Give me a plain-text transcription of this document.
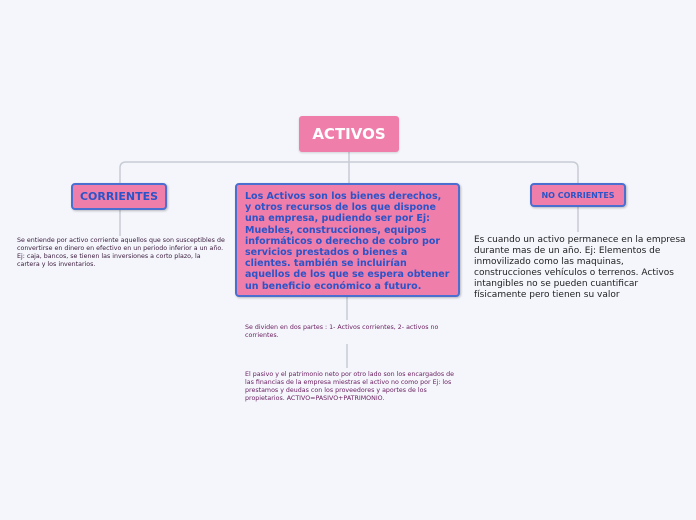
ACTIVOS
CORRIENTES	Los Activos son los bienes derechos, y otros recursos de los que dispone una empresa, pudiendo ser por Ej: Muebles, construcciones, equipos informáticos o derecho de cobro por servicios prestados o bienes a clientes. también se incluirían aquellos de los que se espera obtener un beneficio económico a futuro.
NO CORRIENTES
Se entiende por activo corriente aquellos que son susceptibles de convertirse en dinero en efectivo en un periodo inferior a un año. Ej: caja, bancos, se tienen las inversiones a corto plazo, la cartera y los inventarios.
Se dividen en dos partes : 1- Activos corrientes, 2- activos no corrientes.
El pasivo y el patrimonio neto por otro lado son los encargados de las financias de la empresa miestras el activo no como por Ej: los prestamos y deudas con los proveedores y aportes de los propietarios. ACTIVO=PASIVO+PATRIMONIO.
Es cuando un activo permanece en la empresa durante mas de un año. Ej: Elementos de inmovilizado como las maquinas, construcciones vehículos o terrenos. Activos intangibles no se pueden cuantificar físicamente pero tienen su valor
